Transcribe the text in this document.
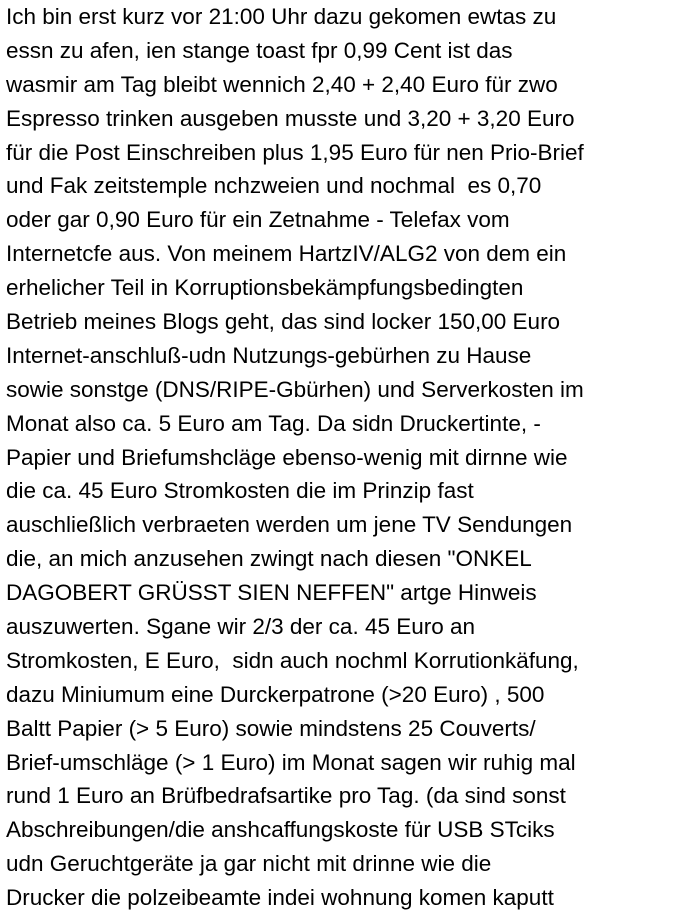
Ich bin erst kurz vor 21:00 Uhr dazu gekomen ewtas zu
essn zu afen, ien stange toast fpr 0,99 Cent ist das
wasmir am Tag bleibt wennich 2,40 + 2,40 Euro für zwo
Espresso trinken ausgeben musste und 3,20 + 3,20 Euro
für die Post Einschreiben plus 1,95 Euro für nen Prio-Brief
und Fak zeitstemple nchzweien und nochmal  es 0,70
oder gar 0,90 Euro für ein Zetnahme - Telefax vom
Internetcfe aus. Von meinem HartzIV/ALG2 von dem ein
erhelicher Teil in Korruptionsbekämpfungsbedingten
Betrieb meines Blogs geht, das sind locker 150,00 Euro
Internet-anschluß-udn Nutzungs-gebürhen zu Hause
sowie sonstge (DNS/RIPE-Gbürhen) und Serverkosten im
Monat also ca. 5 Euro am Tag. Da sidn Druckertinte, -
Papier und Briefumshcläge ebenso-wenig mit dirnne wie
die ca. 45 Euro Stromkosten die im Prinzip fast
auschließlich verbraeten werden um jene TV Sendungen
die, an mich anzusehen zwingt nach diesen "ONKEL
DAGOBERT GRÜSST SIEN NEFFEN" artge Hinweis
auszuwerten. Sgane wir 2/3 der ca. 45 Euro an
Stromkosten, E Euro,  sidn auch nochml Korrutionkäfung,
dazu Miniumum eine Durckerpatrone (>20 Euro) , 500
Baltt Papier (> 5 Euro) sowie mindstens 25 Couverts/
Brief-umschläge (> 1 Euro) im Monat sagen wir ruhig mal
rund 1 Euro an Brüfbedrafsartike pro Tag. (da sind sonst
Abschreibungen/die anshcaffungskoste für USB STciks
udn Geruchtgeräte ja gar nicht mit drinne wie die
Drucker die polzeibeamte indei wohnung komen kaputt
